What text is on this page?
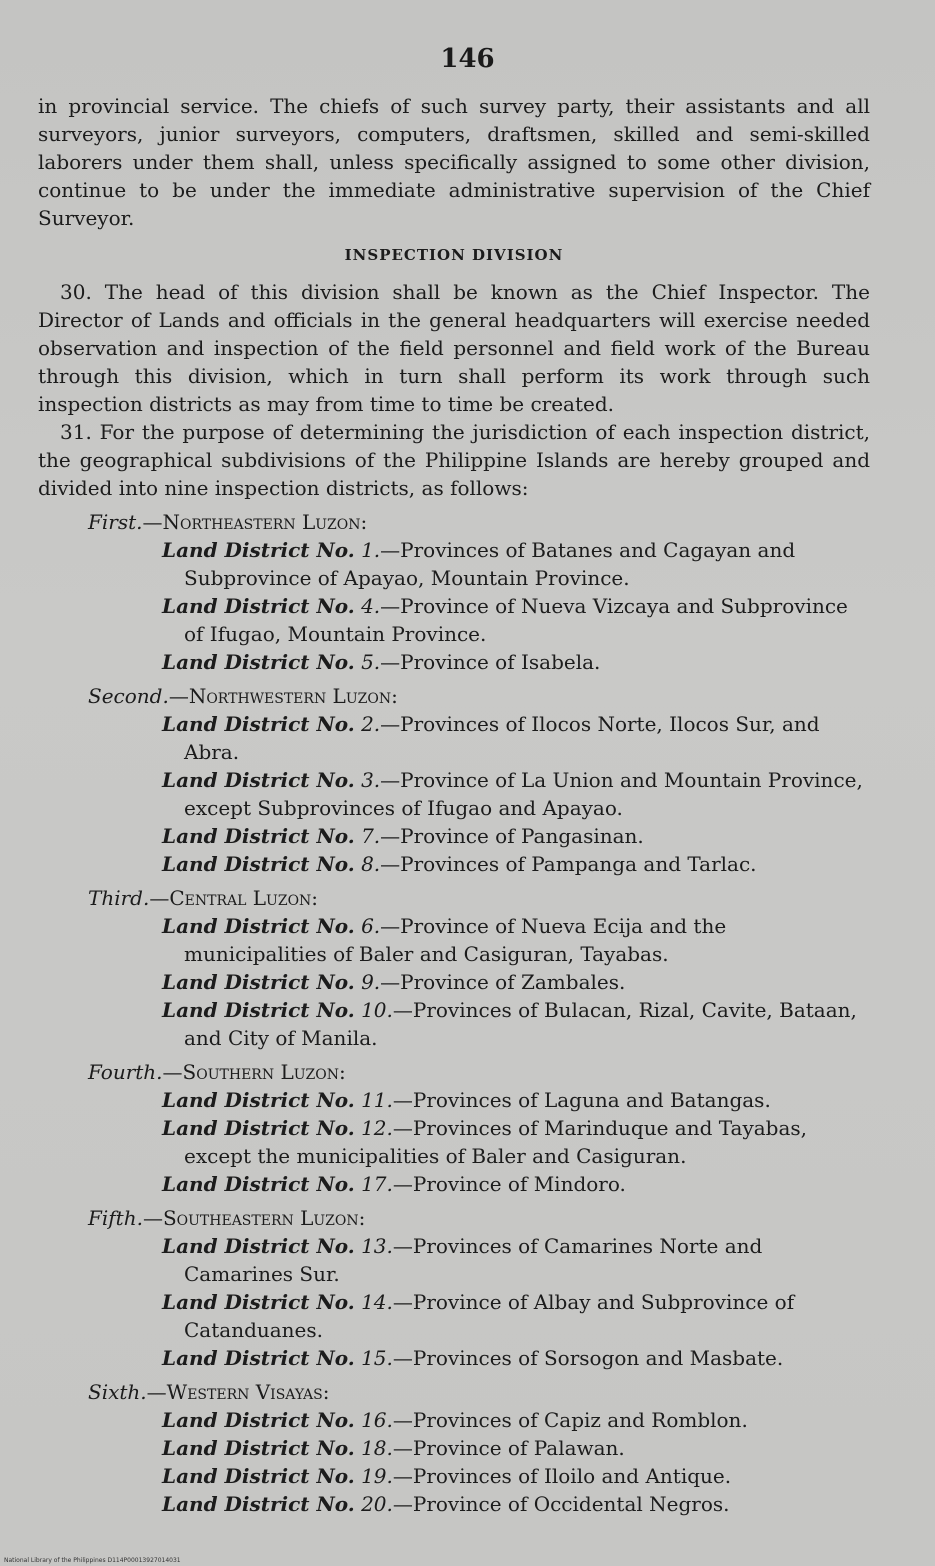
146

in provincial service. The chiefs of such survey party, their assistants and all surveyors, junior surveyors, computers, draftsmen, skilled and semi-skilled laborers under them shall, unless specifically assigned to some other division, continue to be under the immediate administrative supervision of the Chief Surveyor.

INSPECTION DIVISION

30. The head of this division shall be known as the Chief Inspector. The Director of Lands and officials in the general headquarters will exercise needed observation and inspection of the field personnel and field work of the Bureau through this division, which in turn shall perform its work through such inspection districts as may from time to time be created.

31. For the purpose of determining the jurisdiction of each inspection district, the geographical subdivisions of the Philippine Islands are hereby grouped and divided into nine inspection districts, as follows:

First.—Northeastern Luzon:
Land District No. 1.—Provinces of Batanes and Cagayan and Subprovince of Apayao, Mountain Province.
Land District No. 4.—Province of Nueva Vizcaya and Subprovince of Ifugao, Mountain Province.
Land District No. 5.—Province of Isabela.
Second.—Northwestern Luzon:
Land District No. 2.—Provinces of Ilocos Norte, Ilocos Sur, and Abra.
Land District No. 3.—Province of La Union and Mountain Province, except Subprovinces of Ifugao and Apayao.
Land District No. 7.—Province of Pangasinan.
Land District No. 8.—Provinces of Pampanga and Tarlac.
Third.—Central Luzon:
Land District No. 6.—Province of Nueva Ecija and the municipalities of Baler and Casiguran, Tayabas.
Land District No. 9.—Province of Zambales.
Land District No. 10.—Provinces of Bulacan, Rizal, Cavite, Bataan, and City of Manila.
Fourth.—Southern Luzon:
Land District No. 11.—Provinces of Laguna and Batangas.
Land District No. 12.—Provinces of Marinduque and Tayabas, except the municipalities of Baler and Casiguran.
Land District No. 17.—Province of Mindoro.
Fifth.—Southeastern Luzon:
Land District No. 13.—Provinces of Camarines Norte and Camarines Sur.
Land District No. 14.—Province of Albay and Subprovince of Catanduanes.
Land District No. 15.—Provinces of Sorsogon and Masbate.
Sixth.—Western Visayas:
Land District No. 16.—Provinces of Capiz and Romblon.
Land District No. 18.—Province of Palawan.
Land District No. 19.—Provinces of Iloilo and Antique.
Land District No. 20.—Province of Occidental Negros.
National Library of the Philippines D114P00013927014031
